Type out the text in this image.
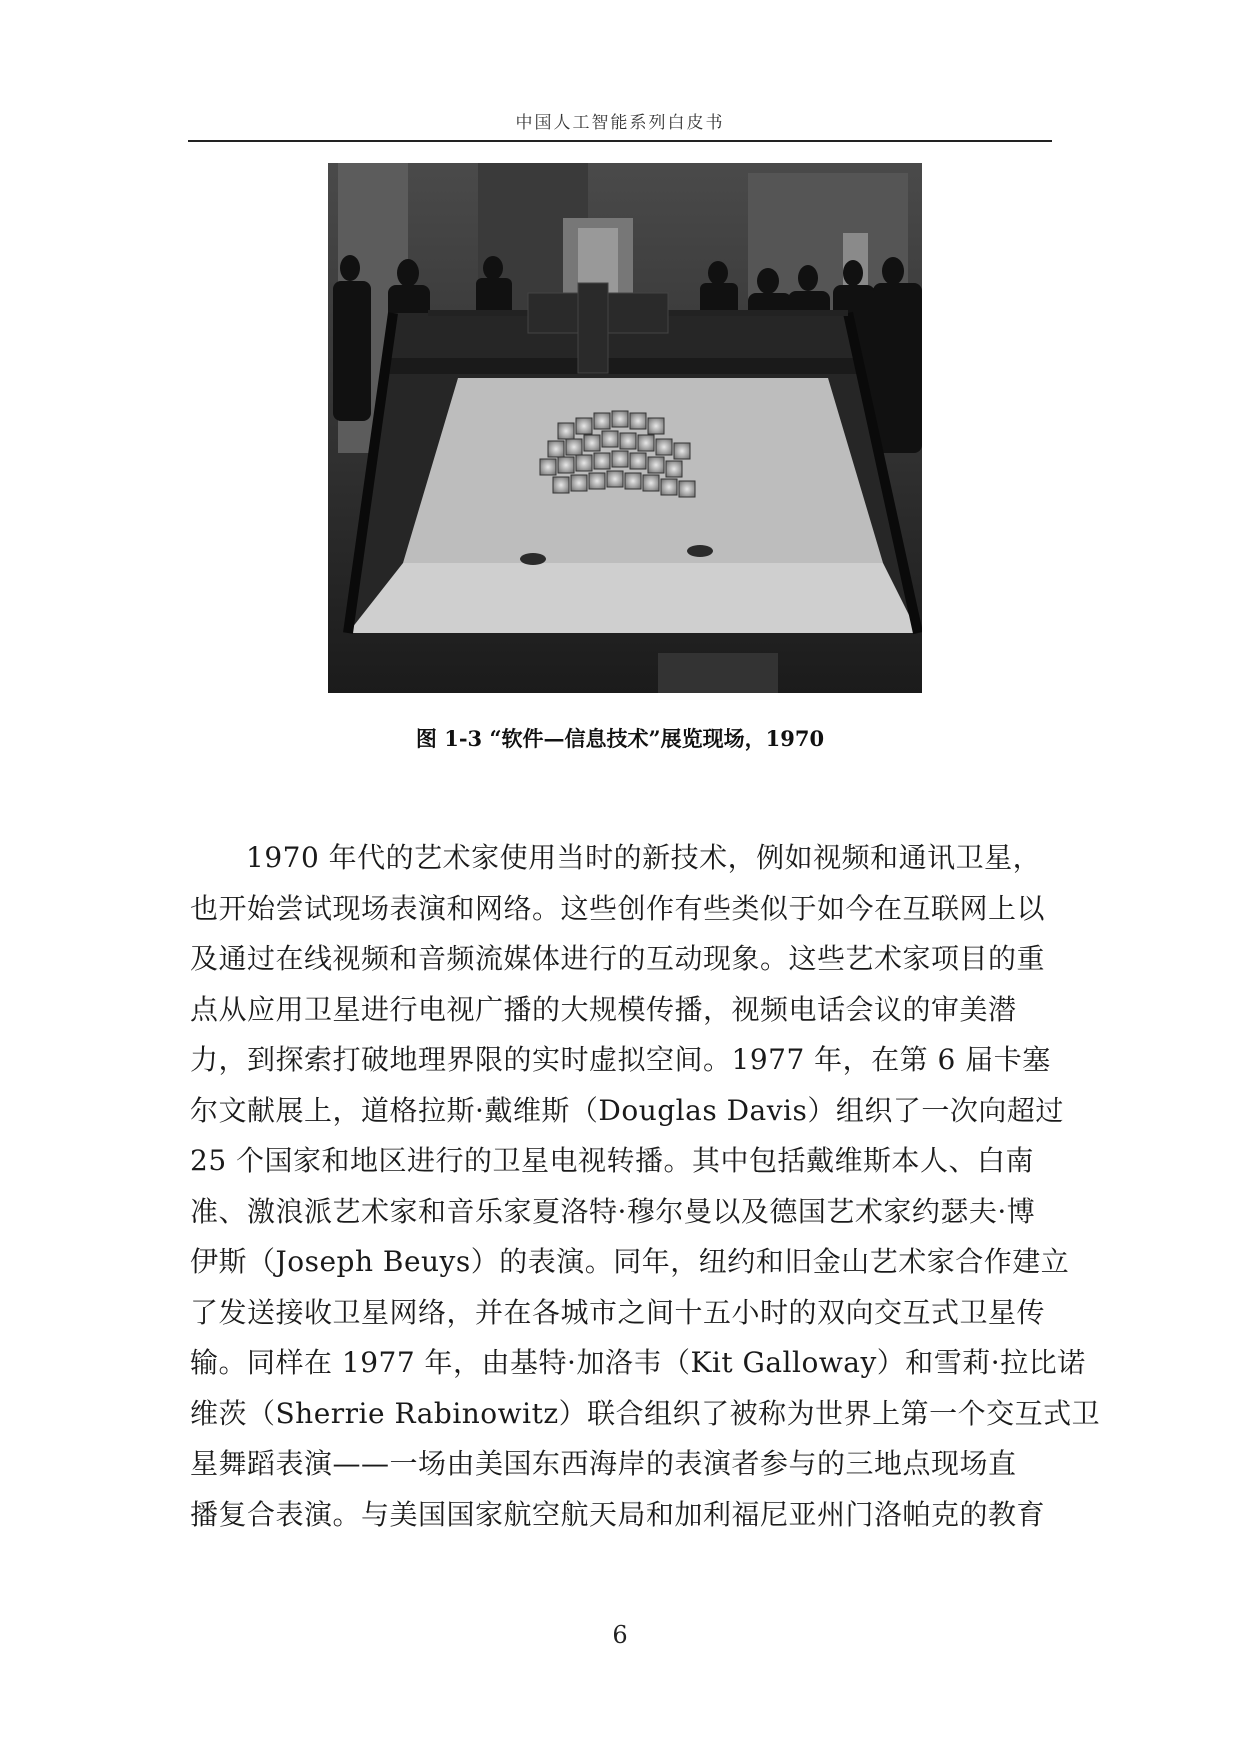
中国人工智能系列白皮书
图 1-3 “软件—信息技术”展览现场，1970
1970 年代的艺术家使用当时的新技术，例如视频和通讯卫星，
也开始尝试现场表演和网络。这些创作有些类似于如今在互联网上以
及通过在线视频和音频流媒体进行的互动现象。这些艺术家项目的重
点从应用卫星进行电视广播的大规模传播，视频电话会议的审美潜
力，到探索打破地理界限的实时虚拟空间。1977 年，在第 6 届卡塞
尔文献展上，道格拉斯·戴维斯（Douglas Davis）组织了一次向超过
25 个国家和地区进行的卫星电视转播。其中包括戴维斯本人、白南
准、激浪派艺术家和音乐家夏洛特·穆尔曼以及德国艺术家约瑟夫·博
伊斯（Joseph Beuys）的表演。同年，纽约和旧金山艺术家合作建立
了发送接收卫星网络，并在各城市之间十五小时的双向交互式卫星传
输。同样在 1977 年，由基特·加洛韦（Kit Galloway）和雪莉·拉比诺
维茨（Sherrie Rabinowitz）联合组织了被称为世界上第一个交互式卫
星舞蹈表演——一场由美国东西海岸的表演者参与的三地点现场直
播复合表演。与美国国家航空航天局和加利福尼亚州门洛帕克的教育
6
